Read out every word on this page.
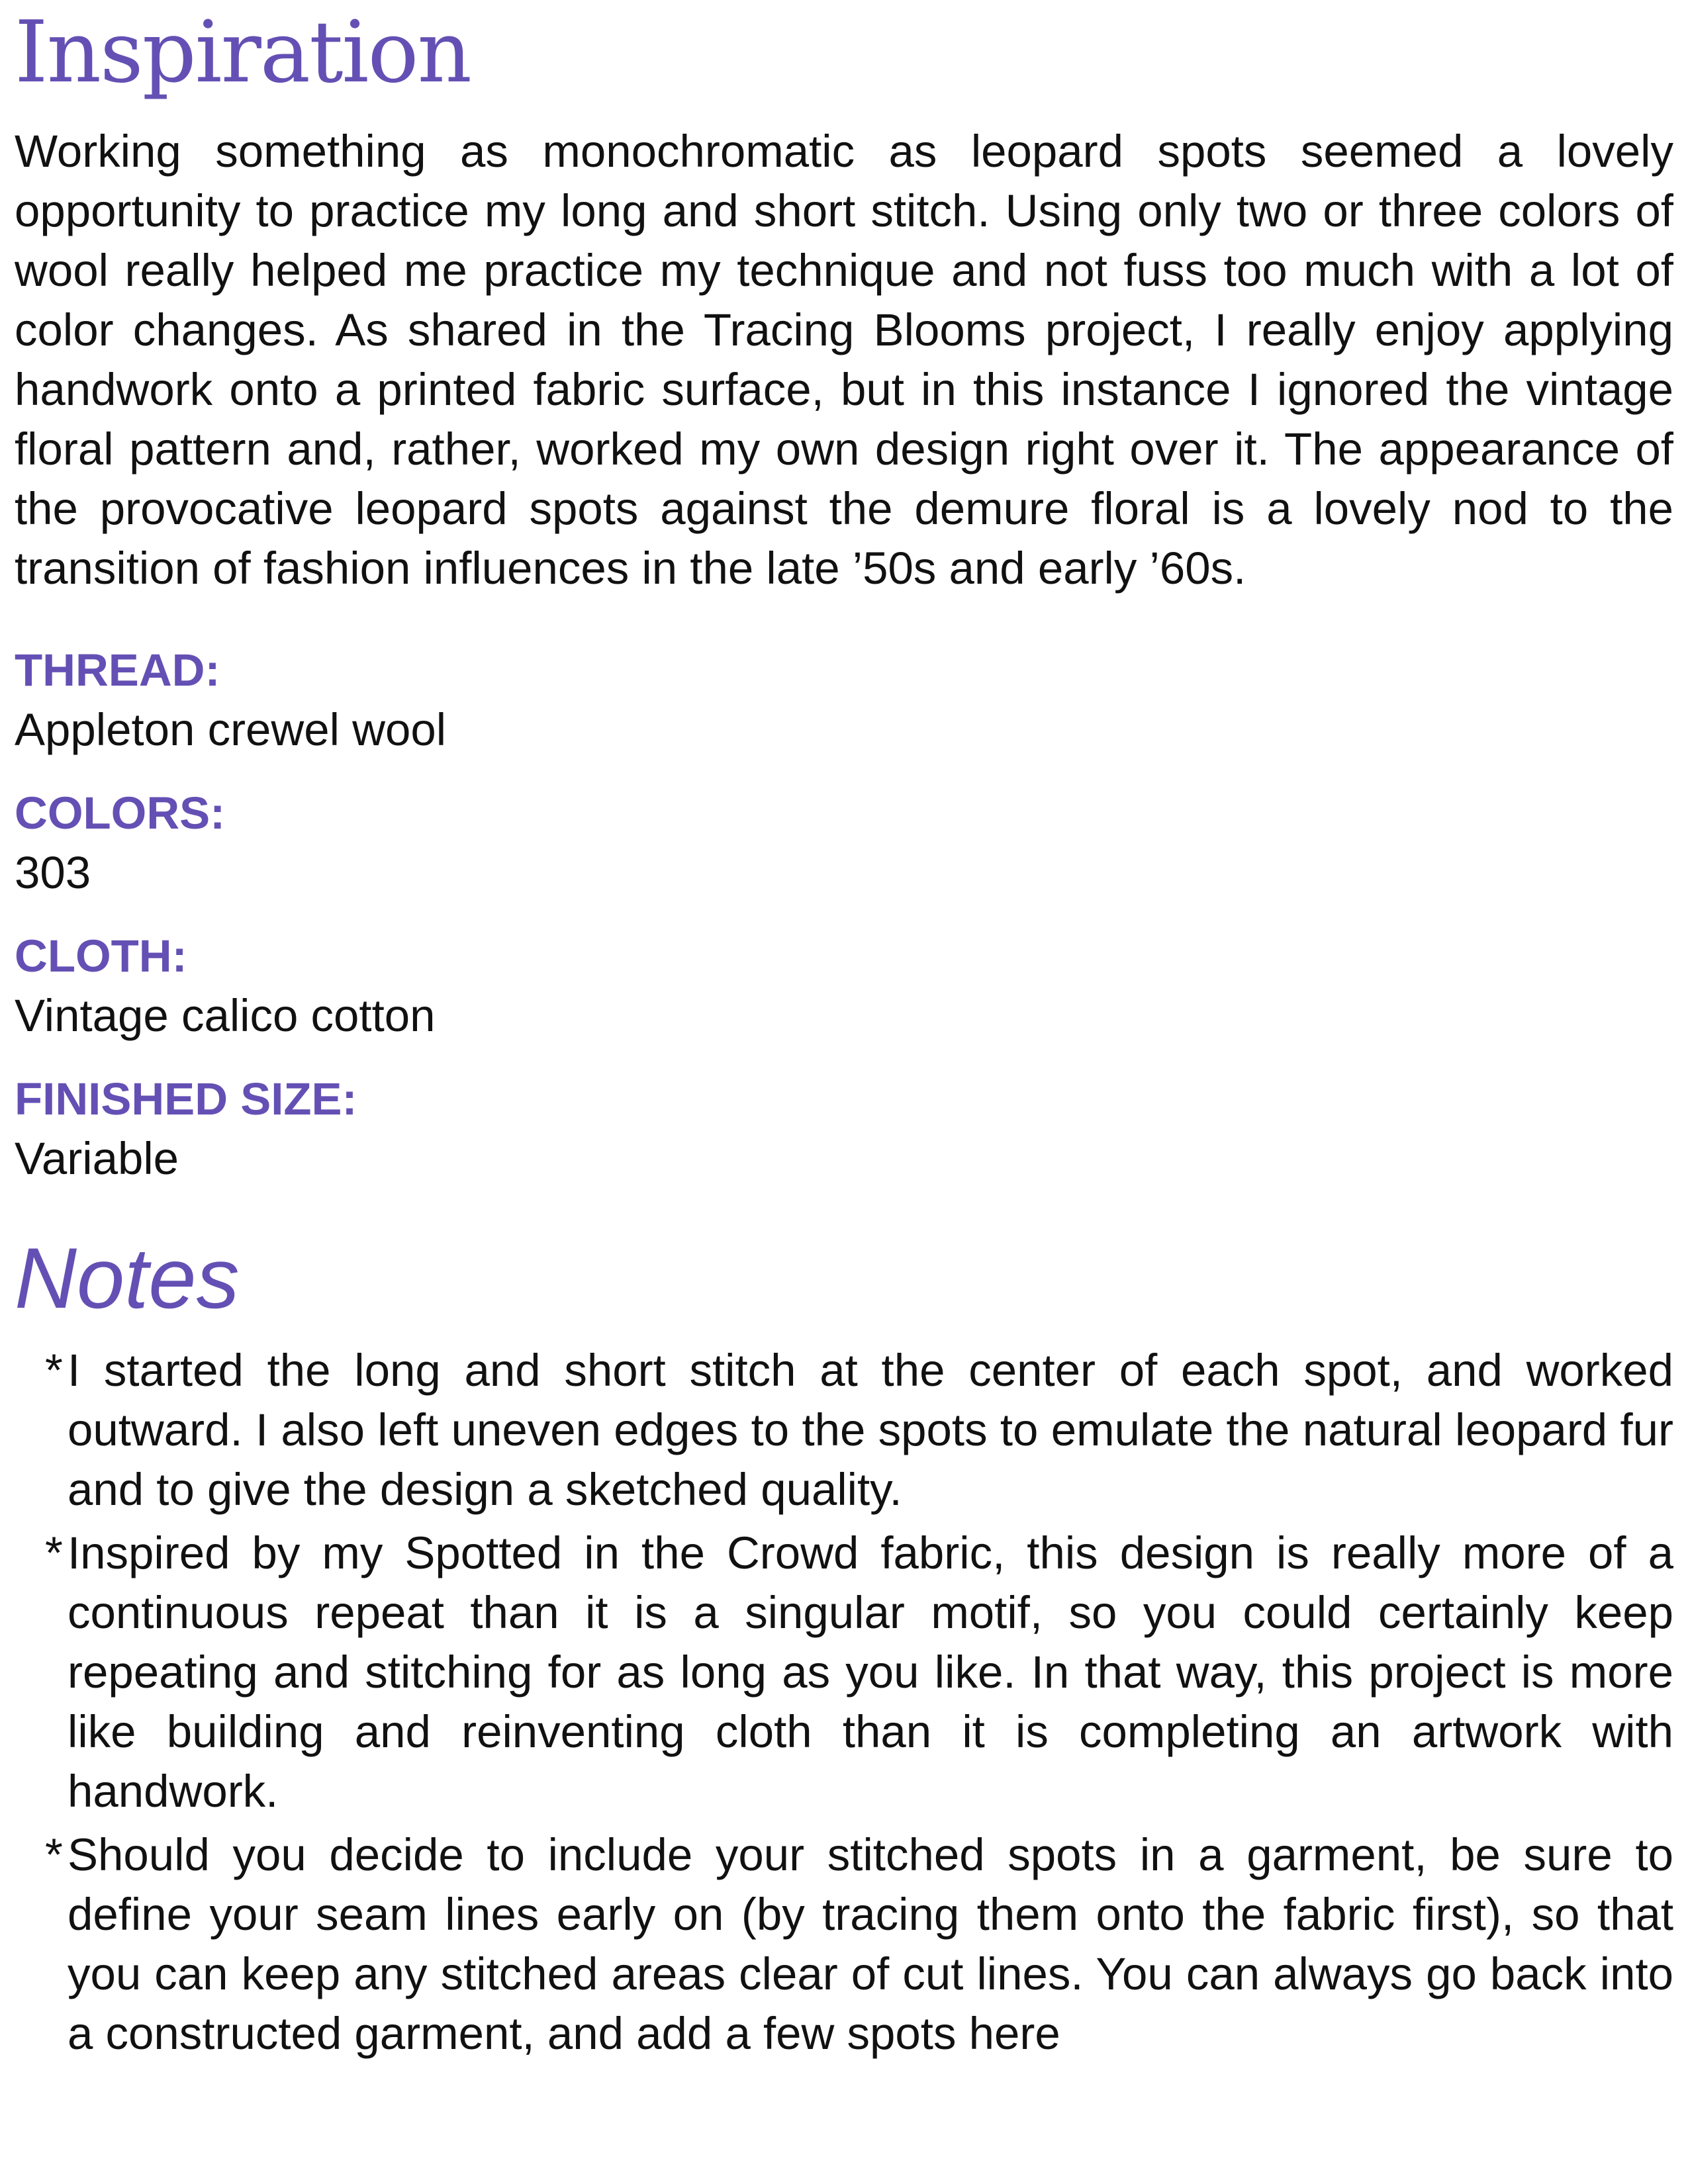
Inspiration

Working something as monochromatic as leopard spots seemed a lovely opportunity to practice my long and short stitch. Using only two or three colors of wool really helped me practice my technique and not fuss too much with a lot of color changes. As shared in the Tracing Blooms project, I really enjoy applying handwork onto a printed fabric surface, but in this instance I ignored the vintage floral pattern and, rather, worked my own design right over it. The appearance of the provocative leopard spots against the demure floral is a lovely nod to the transition of fashion influences in the late ’50s and early ’60s.

THREAD:

Appleton crewel wool

COLORS:

303

CLOTH:

Vintage calico cotton

FINISHED SIZE:

Variable

Notes
* I started the long and short stitch at the center of each spot, and worked outward. I also left uneven edges to the spots to emulate the natural leopard fur and to give the design a sketched quality.
* Inspired by my Spotted in the Crowd fabric, this design is really more of a continuous repeat than it is a singular motif, so you could certainly keep repeating and stitching for as long as you like. In that way, this project is more like building and reinventing cloth than it is completing an artwork with handwork.
* Should you decide to include your stitched spots in a garment, be sure to define your seam lines early on (by tracing them onto the fabric first), so that you can keep any stitched areas clear of cut lines. You can always go back into a constructed garment, and add a few spots here
